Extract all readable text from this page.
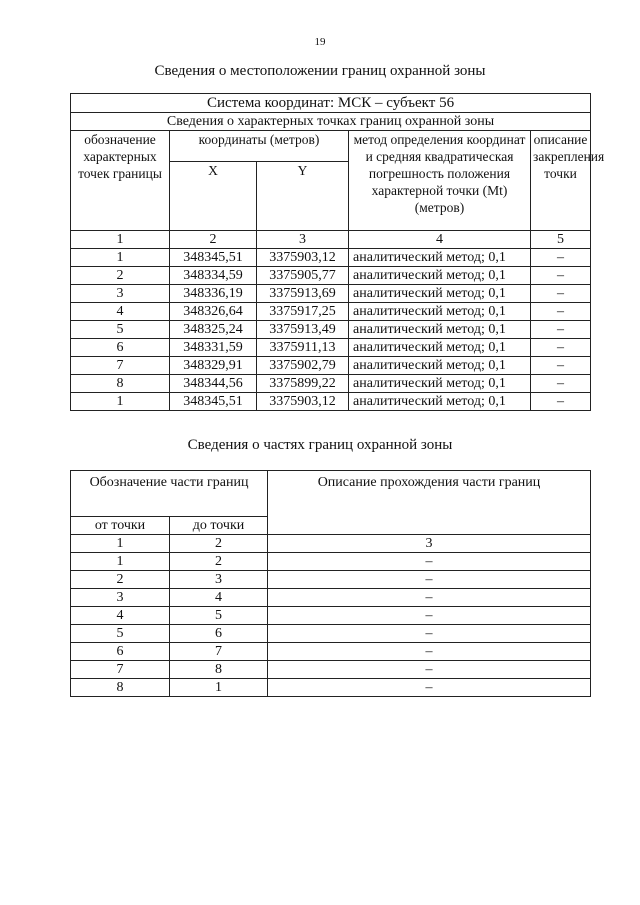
19
Сведения о местоположении границ охранной зоны
Система координат: МСК – субъект 56				
Сведения о характерных точках границ охранной зоны				
обозначение характерных точек границы	координаты (метров)		метод определения координат и средняя квадратическая погрешность положения характерной точки (Mt) (метров)	описание закрепления точки
	X	Y		
1	2	3	4	5
1	348345,51	3375903,12	аналитический метод; 0,1	–
2	348334,59	3375905,77	аналитический метод; 0,1	–
3	348336,19	3375913,69	аналитический метод; 0,1	–
4	348326,64	3375917,25	аналитический метод; 0,1	–
5	348325,24	3375913,49	аналитический метод; 0,1	–
6	348331,59	3375911,13	аналитический метод; 0,1	–
7	348329,91	3375902,79	аналитический метод; 0,1	–
8	348344,56	3375899,22	аналитический метод; 0,1	–
1	348345,51	3375903,12	аналитический метод; 0,1	–
Сведения о частях границ охранной зоны
Обозначение части границ		Описание прохождения части границ
от точки	до точки	
1	2	3
1	2	–
2	3	–
3	4	–
4	5	–
5	6	–
6	7	–
7	8	–
8	1	–
